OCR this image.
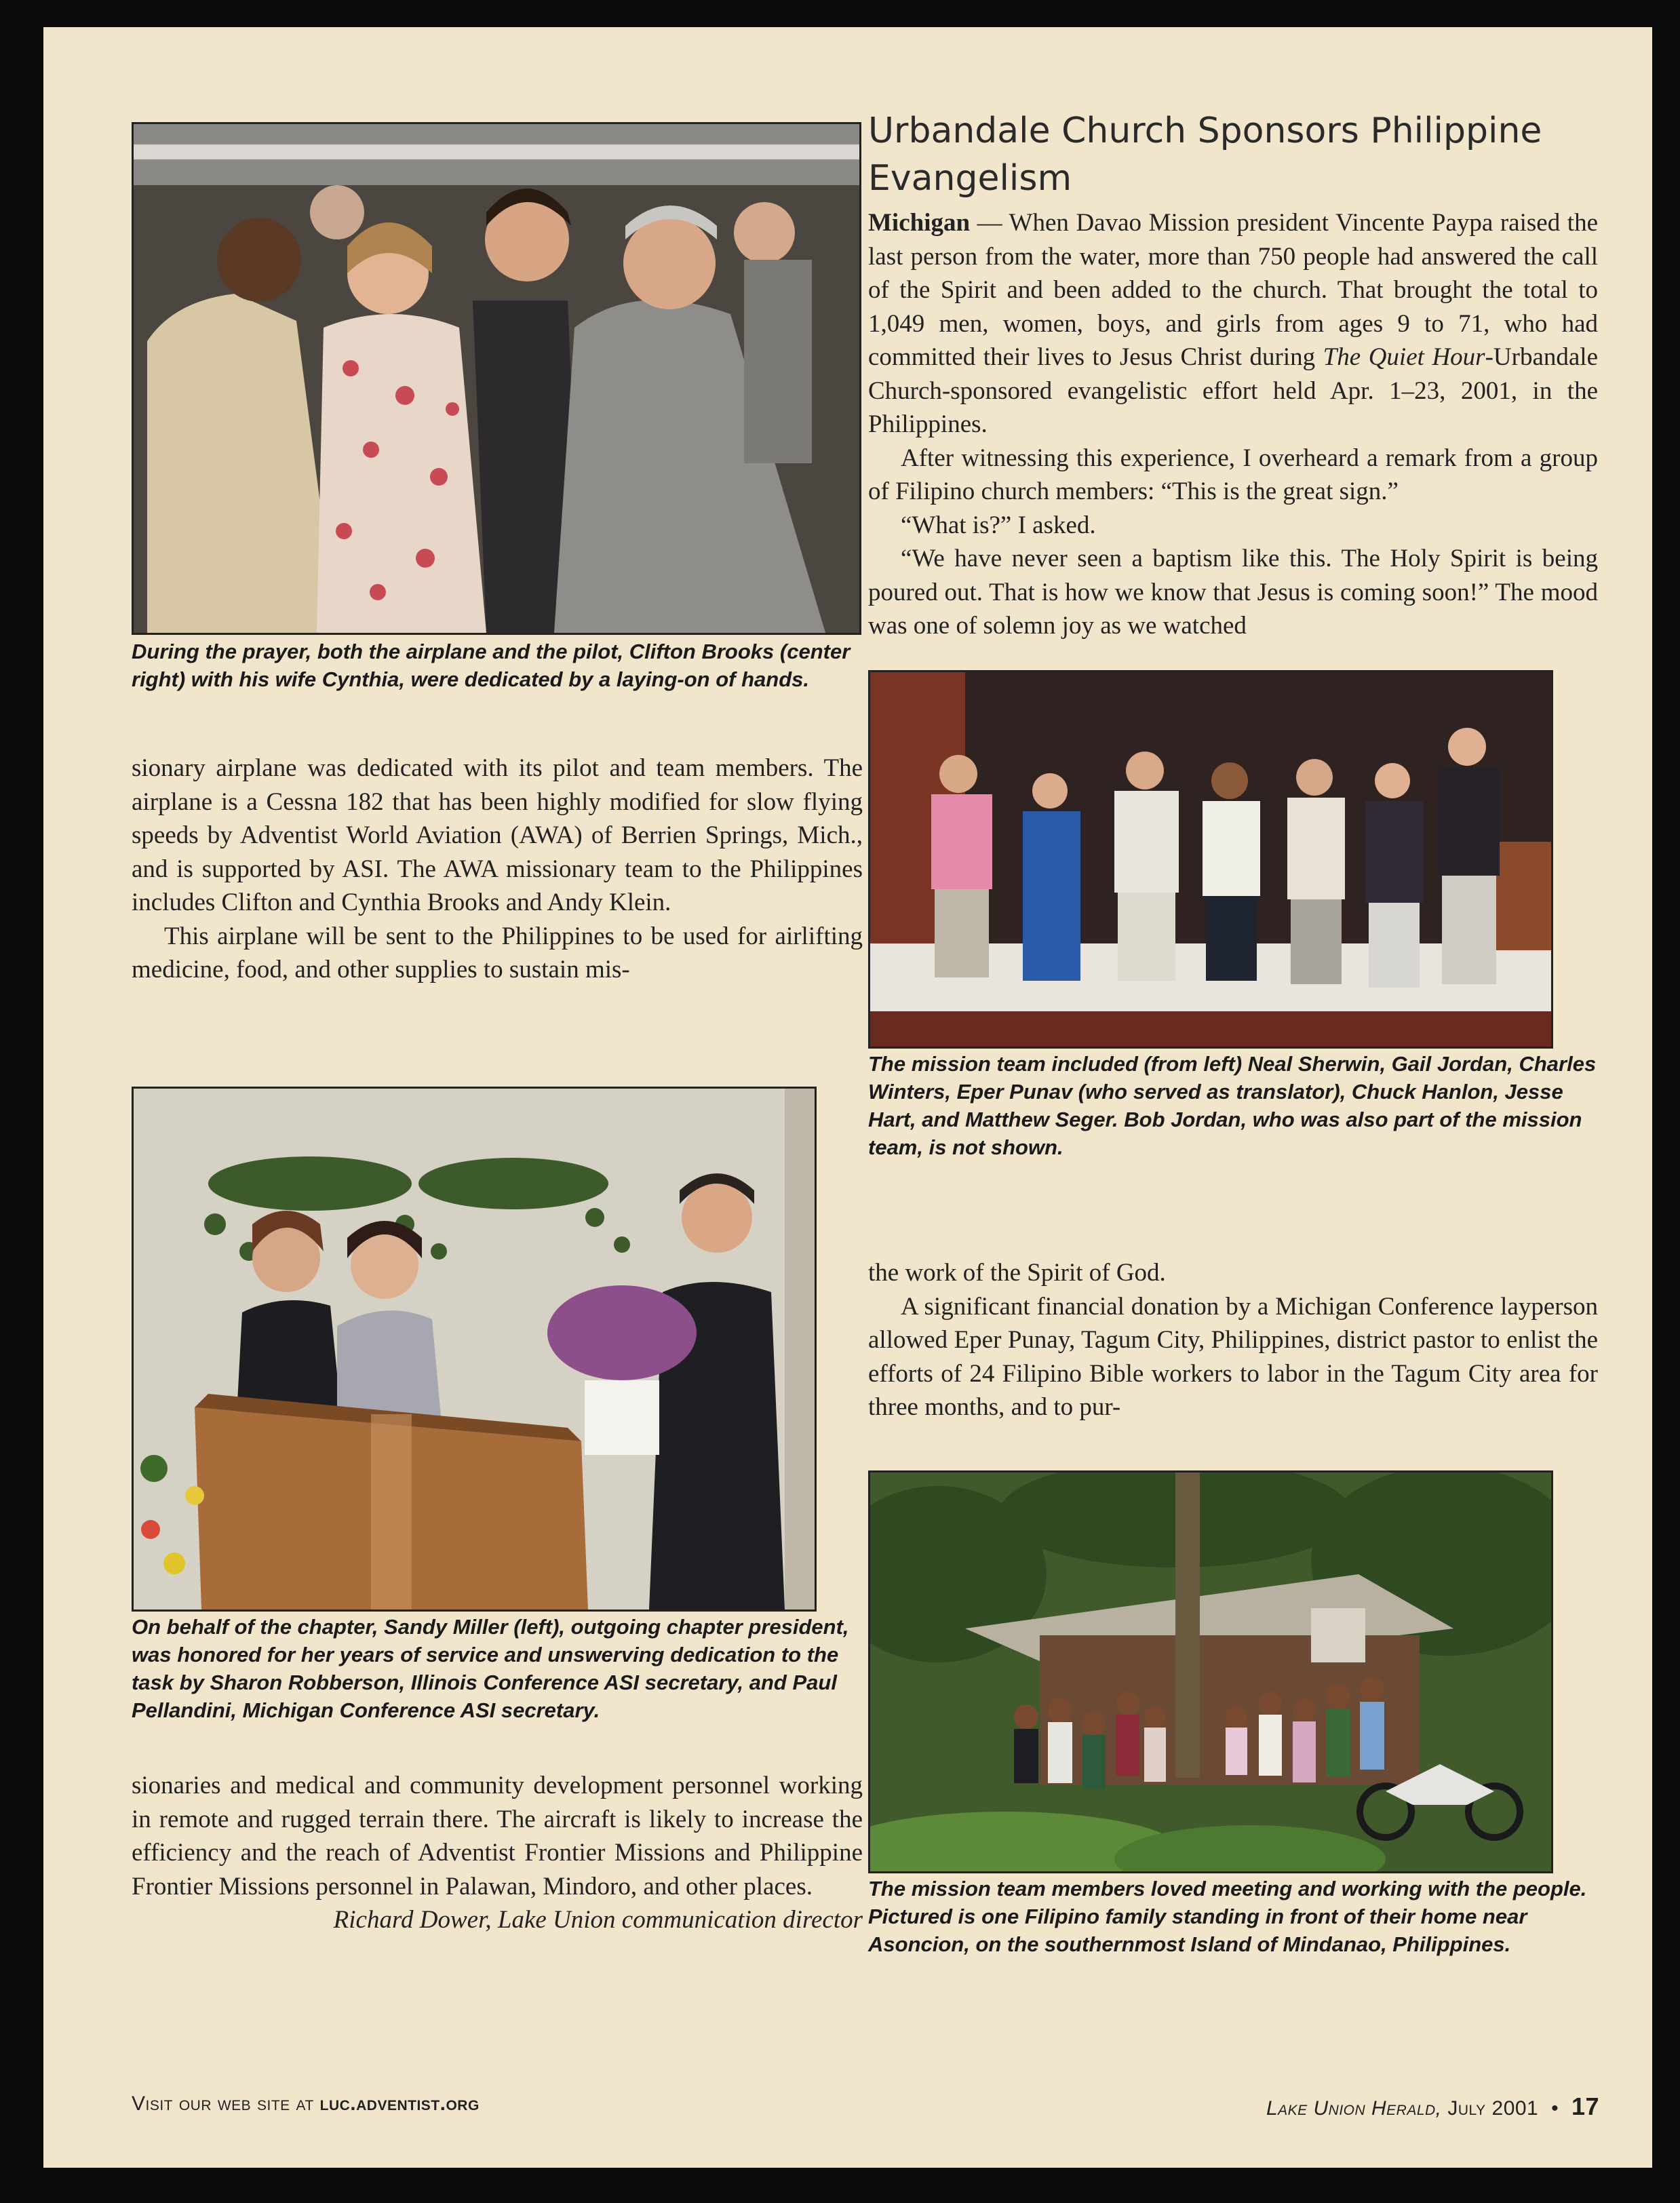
During the prayer, both the airplane and the pilot, Clifton Brooks (center right) with his wife Cynthia, were dedicated by a laying-on of hands.

sionary airplane was dedicated with its pilot and team members. The airplane is a Cessna 182 that has been highly modified for slow flying speeds by Adventist World Aviation (AWA) of Berrien Springs, Mich., and is supported by ASI. The AWA missionary team to the Philippines includes Clifton and Cynthia Brooks and Andy Klein.

This airplane will be sent to the Philippines to be used for airlifting medicine, food, and other supplies to sustain mis-

On behalf of the chapter, Sandy Miller (left), outgoing chapter president, was honored for her years of service and unswerving dedication to the task by Sharon Robberson, Illinois Conference ASI secretary, and Paul Pellandini, Michigan Conference ASI secretary.

sionaries and medical and community development personnel working in remote and rugged terrain there. The aircraft is likely to increase the efficiency and the reach of Adventist Frontier Missions and Philippine Frontier Missions personnel in Palawan, Mindoro, and other places.

Richard Dower, Lake Union communication director

Urbandale Church Sponsors Philippine Evangelism

Michigan — When Davao Mission president Vincente Paypa raised the last person from the water, more than 750 people had answered the call of the Spirit and been added to the church. That brought the total to 1,049 men, women, boys, and girls from ages 9 to 71, who had committed their lives to Jesus Christ during The Quiet Hour-Urbandale Church-sponsored evangelistic effort held Apr. 1–23, 2001, in the Philippines.

After witnessing this experience, I overheard a remark from a group of Filipino church members: “This is the great sign.”

“What is?” I asked.

“We have never seen a baptism like this. The Holy Spirit is being poured out. That is how we know that Jesus is coming soon!” The mood was one of solemn joy as we watched

The mission team included (from left) Neal Sherwin, Gail Jordan, Charles Winters, Eper Punav (who served as translator), Chuck Hanlon, Jesse Hart, and Matthew Seger. Bob Jordan, who was also part of the mission team, is not shown.

the work of the Spirit of God.

A significant financial donation by a Michigan Conference layperson allowed Eper Punay, Tagum City, Philippines, district pastor to enlist the efforts of 24 Filipino Bible workers to labor in the Tagum City area for three months, and to pur-

The mission team members loved meeting and working with the people. Pictured is one Filipino family standing in front of their home near Asoncion, on the southernmost Island of Mindanao, Philippines.
Visit our web site at luc.adventist.org	Lake Union Herald, July 2001 • 17
